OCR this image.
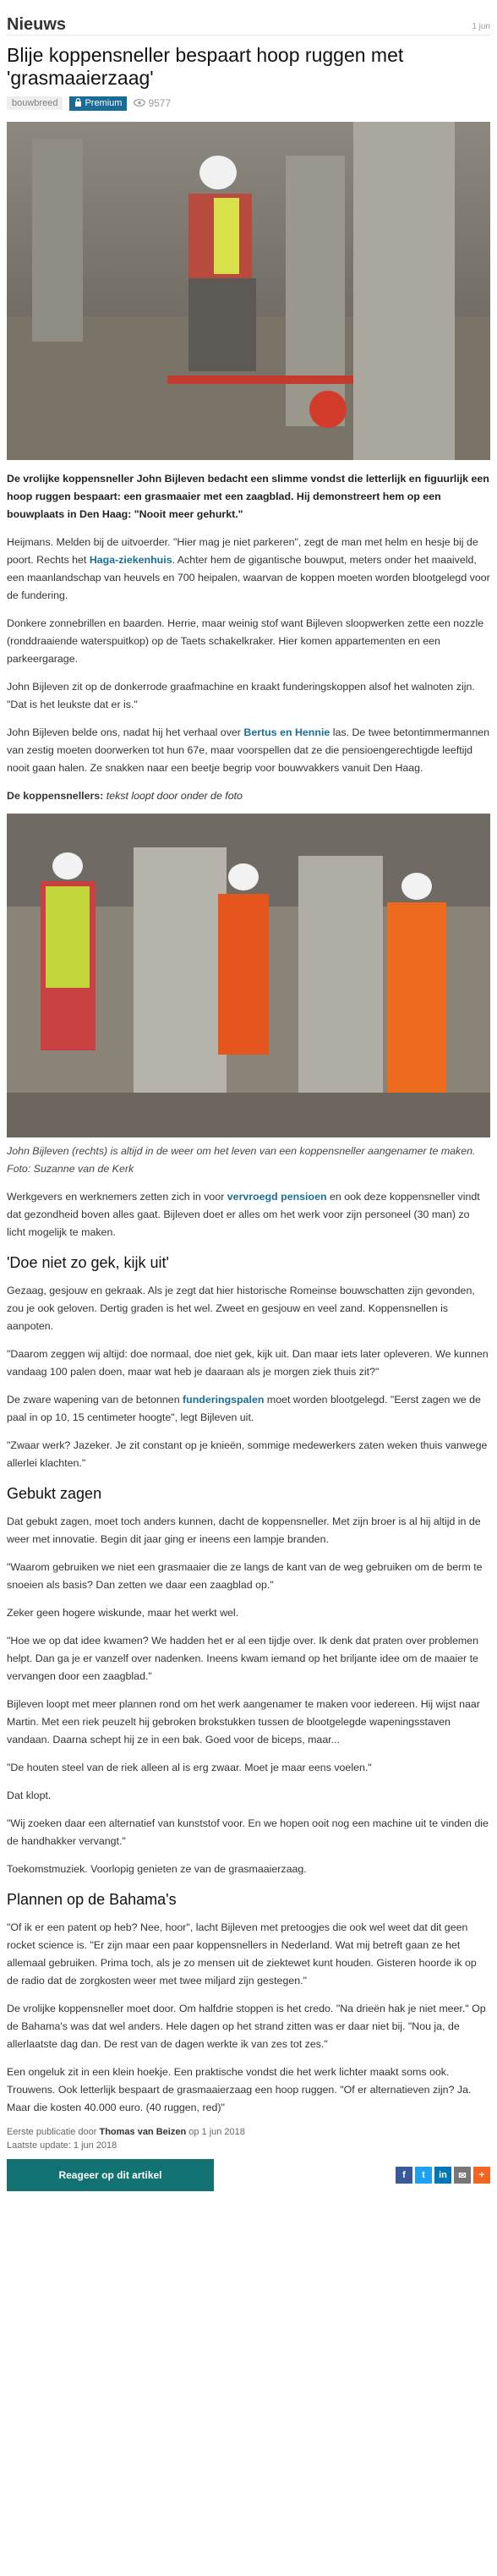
Nieuws	1 jun
Blije koppensneller bespaart hoop ruggen met 'grasmaaierzaag'
bouwbreed	Premium	9577

De vrolijke koppensneller John Bijleven bedacht een slimme vondst die letterlijk en figuurlijk een hoop ruggen bespaart: een grasmaaier met een zaagblad. Hij demonstreert hem op een bouwplaats in Den Haag: "Nooit meer gehurkt."

Heijmans. Melden bij de uitvoerder. "Hier mag je niet parkeren", zegt de man met helm en hesje bij de poort. Rechts het Haga-ziekenhuis. Achter hem de gigantische bouwput, meters onder het maaiveld, een maanlandschap van heuvels en 700 heipalen, waarvan de koppen moeten worden blootgelegd voor de fundering.

Donkere zonnebrillen en baarden. Herrie, maar weinig stof want Bijleven sloopwerken zette een nozzle (ronddraaiende waterspuitkop) op de Taets schakelkraker. Hier komen appartementen en een parkeergarage.

John Bijleven zit op de donkerrode graafmachine en kraakt funderingskoppen alsof het walnoten zijn. "Dat is het leukste dat er is."

John Bijleven belde ons, nadat hij het verhaal over Bertus en Hennie las. De twee betontimmermannen van zestig moeten doorwerken tot hun 67e, maar voorspellen dat ze die pensioengerechtigde leeftijd nooit gaan halen. Ze snakken naar een beetje begrip voor bouwvakkers vanuit Den Haag.

De koppensnellers: tekst loopt door onder de foto

John Bijleven (rechts) is altijd in de weer om het leven van een koppensneller aangenamer te maken. Foto: Suzanne van de Kerk

Werkgevers en werknemers zetten zich in voor vervroegd pensioen en ook deze koppensneller vindt dat gezondheid boven alles gaat. Bijleven doet er alles om het werk voor zijn personeel (30 man) zo licht mogelijk te maken.

'Doe niet zo gek, kijk uit'

Gezaag, gesjouw en gekraak. Als je zegt dat hier historische Romeinse bouwschatten zijn gevonden, zou je ook geloven. Dertig graden is het wel. Zweet en gesjouw en veel zand. Koppensnellen is aanpoten.

"Daarom zeggen wij altijd: doe normaal, doe niet gek, kijk uit. Dan maar iets later opleveren. We kunnen vandaag 100 palen doen, maar wat heb je daaraan als je morgen ziek thuis zit?"

De zware wapening van de betonnen funderingspalen moet worden blootgelegd. "Eerst zagen we de paal in op 10, 15 centimeter hoogte", legt Bijleven uit.

"Zwaar werk? Jazeker. Je zit constant op je knieën, sommige medewerkers zaten weken thuis vanwege allerlei klachten."

Gebukt zagen

Dat gebukt zagen, moet toch anders kunnen, dacht de koppensneller. Met zijn broer is al hij altijd in de weer met innovatie. Begin dit jaar ging er ineens een lampje branden.

"Waarom gebruiken we niet een grasmaaier die ze langs de kant van de weg gebruiken om de berm te snoeien als basis? Dan zetten we daar een zaagblad op."

Zeker geen hogere wiskunde, maar het werkt wel.

"Hoe we op dat idee kwamen? We hadden het er al een tijdje over. Ik denk dat praten over problemen helpt. Dan ga je er vanzelf over nadenken. Ineens kwam iemand op het briljante idee om de maaier te vervangen door een zaagblad."

Bijleven loopt met meer plannen rond om het werk aangenamer te maken voor iedereen. Hij wijst naar Martin. Met een riek peuzelt hij gebroken brokstukken tussen de blootgelegde wapeningsstaven vandaan. Daarna schept hij ze in een bak. Goed voor de biceps, maar...

"De houten steel van de riek alleen al is erg zwaar. Moet je maar eens voelen."

Dat klopt.

"Wij zoeken daar een alternatief van kunststof voor. En we hopen ooit nog een machine uit te vinden die de handhakker vervangt."

Toekomstmuziek. Voorlopig genieten ze van de grasmaaierzaag.

Plannen op de Bahama's

"Of ik er een patent op heb? Nee, hoor", lacht Bijleven met pretoogjes die ook wel weet dat dit geen rocket science is. "Er zijn maar een paar koppensnellers in Nederland. Wat mij betreft gaan ze het allemaal gebruiken. Prima toch, als je zo mensen uit de ziektewet kunt houden. Gisteren hoorde ik op de radio dat de zorgkosten weer met twee miljard zijn gestegen."

De vrolijke koppensneller moet door. Om halfdrie stoppen is het credo. "Na drieën hak je niet meer." Op de Bahama's was dat wel anders. Hele dagen op het strand zitten was er daar niet bij. "Nou ja, de allerlaatste dag dan. De rest van de dagen werkte ik van zes tot zes."

Een ongeluk zit in een klein hoekje. Een praktische vondst die het werk lichter maakt soms ook. Trouwens. Ook letterlijk bespaart de grasmaaierzaag een hoop ruggen. "Of er alternatieven zijn? Ja. Maar die kosten 40.000 euro. (40 ruggen, red)"

Eerste publicatie door Thomas van Beizen op 1 jun 2018
Laatste update: 1 jun 2018
Reageer op dit artikel	f	t	in	✉	+
